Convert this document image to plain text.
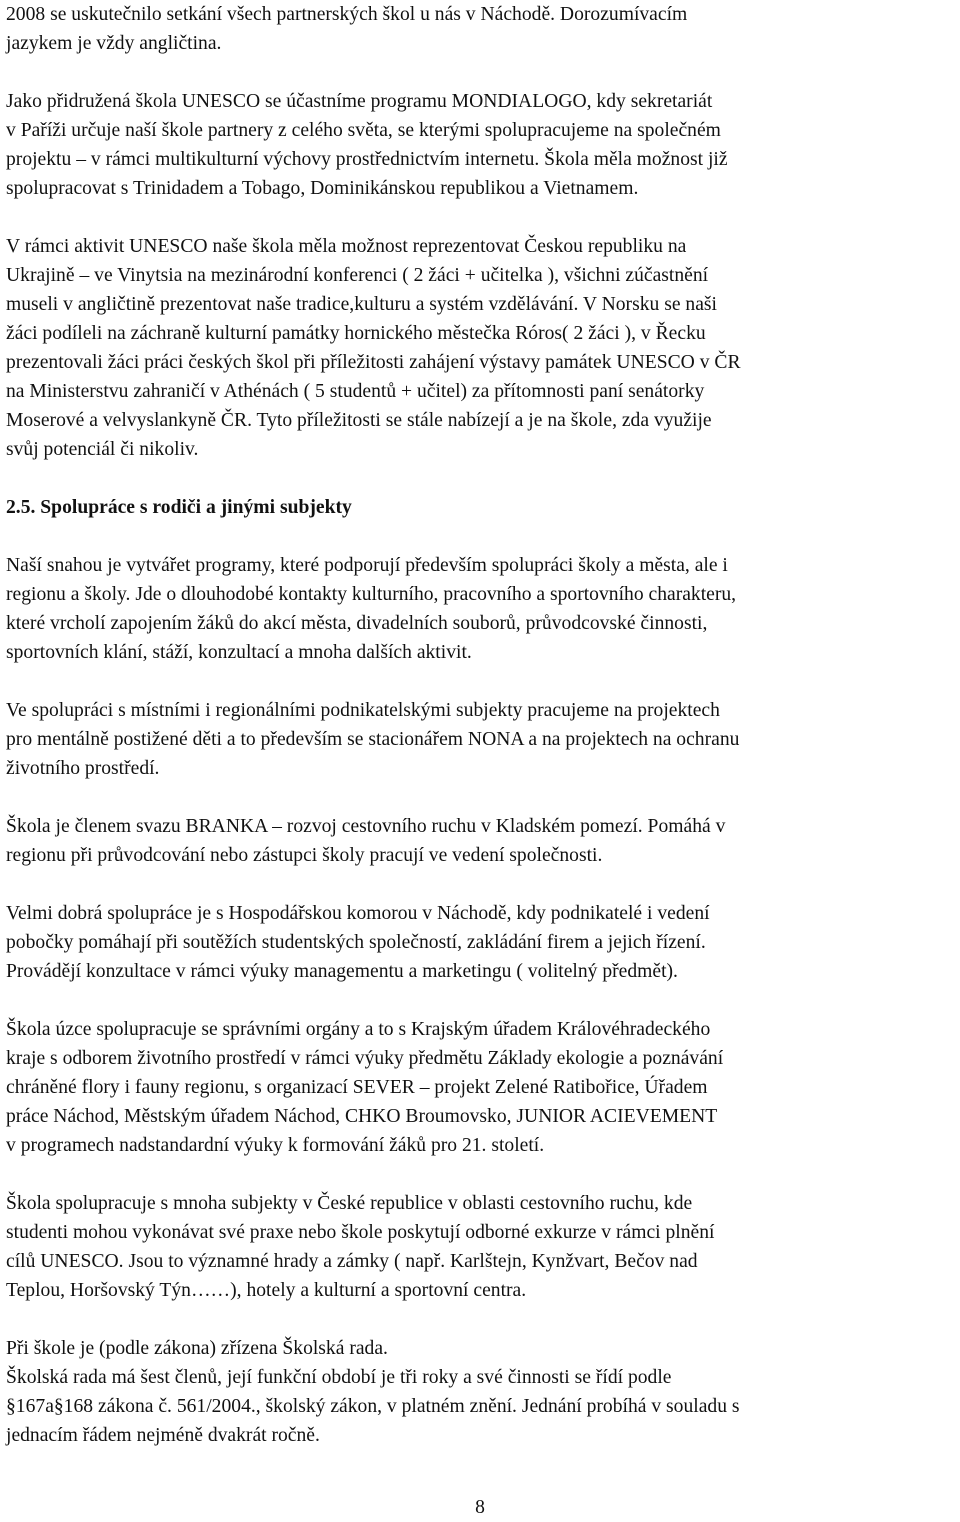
2008 se uskutečnilo setkání všech partnerských škol u nás v Náchodě. Dorozumívacím
jazykem je vždy angličtina.

Jako přidružená škola UNESCO se účastníme programu MONDIALOGO, kdy sekretariát
v Paříži určuje naší škole partnery z celého světa, se kterými spolupracujeme na společném
projektu – v rámci multikulturní výchovy prostřednictvím internetu. Škola měla možnost již
spolupracovat s Trinidadem a Tobago, Dominikánskou republikou a Vietnamem.

V rámci aktivit UNESCO naše škola měla možnost reprezentovat Českou republiku na
Ukrajině – ve Vinytsia na mezinárodní konferenci ( 2 žáci + učitelka ), všichni zúčastnění
museli v angličtině prezentovat naše tradice,kulturu a systém vzdělávání. V Norsku se naši
žáci podíleli na záchraně kulturní památky hornického městečka Róros( 2 žáci ), v Řecku
prezentovali žáci práci českých škol při příležitosti zahájení výstavy památek UNESCO v ČR
na Ministerstvu zahraničí v Athénách ( 5 studentů + učitel) za přítomnosti paní senátorky
Moserové a velvyslankyně ČR. Tyto příležitosti se stále nabízejí a je na škole, zda využije
svůj potenciál či nikoliv.

2.5. Spolupráce s rodiči a jinými subjekty

Naší snahou je vytvářet programy, které podporují především spolupráci školy a města, ale i
regionu a školy. Jde o dlouhodobé kontakty kulturního, pracovního a sportovního charakteru,
které vrcholí zapojením žáků do akcí města, divadelních souborů, průvodcovské činnosti,
sportovních klání, stáží, konzultací a mnoha dalších aktivit.

Ve spolupráci s místními i regionálními podnikatelskými subjekty pracujeme na projektech
pro mentálně postižené děti a to především se stacionářem NONA a na projektech na ochranu
životního prostředí.

Škola je členem svazu BRANKA – rozvoj cestovního ruchu v Kladském pomezí. Pomáhá v
regionu při průvodcování nebo zástupci školy pracují ve vedení společnosti.

Velmi dobrá spolupráce je s Hospodářskou komorou v Náchodě, kdy podnikatelé i vedení
pobočky pomáhají při soutěžích studentských společností, zakládání firem a jejich řízení.
Provádějí konzultace v rámci výuky managementu a marketingu ( volitelný předmět).

Škola úzce spolupracuje se správními orgány a to s Krajským úřadem Královéhradeckého
kraje s odborem životního prostředí v rámci výuky předmětu Základy ekologie a poznávání
chráněné flory i fauny regionu, s organizací SEVER – projekt Zelené Ratibořice, Úřadem
práce Náchod, Městským úřadem Náchod, CHKO Broumovsko, JUNIOR ACIEVEMENT
v programech nadstandardní výuky k formování žáků pro 21. století.

Škola spolupracuje s mnoha subjekty v České republice v oblasti cestovního ruchu, kde
studenti mohou vykonávat své praxe nebo škole poskytují odborné exkurze v rámci plnění
cílů UNESCO. Jsou to významné hrady a zámky ( např. Karlštejn, Kynžvart, Bečov nad
Teplou, Horšovský Týn……), hotely a kulturní a sportovní centra.

Při škole je (podle zákona) zřízena Školská rada.
Školská rada má šest členů, její funkční období je tři roky a své činnosti se řídí podle
§167a§168 zákona č. 561/2004., školský zákon, v platném znění. Jednání probíhá v souladu s
jednacím řádem nejméně dvakrát ročně.

8
